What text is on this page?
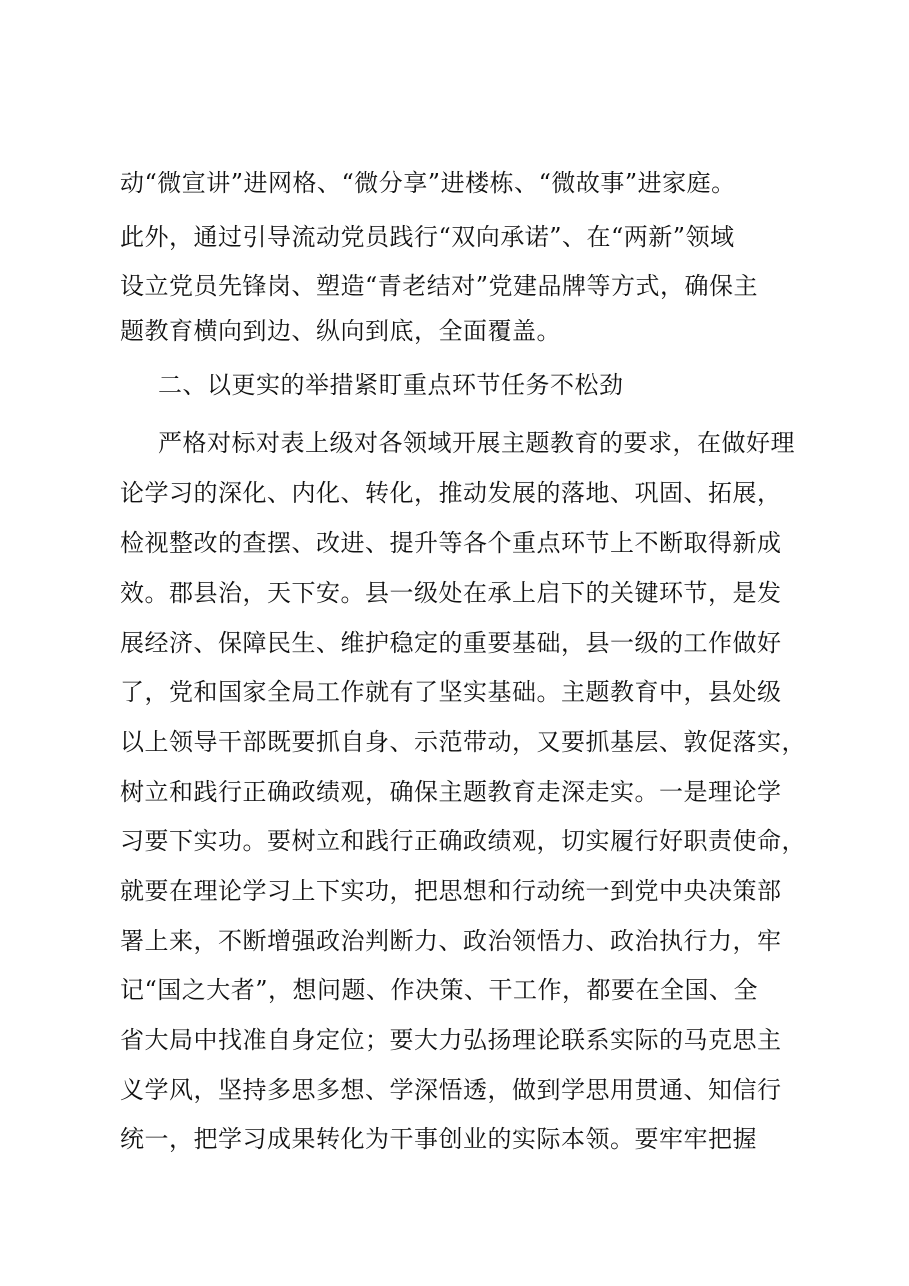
动“微宣讲”进网格、“微分享”进楼栋、“微故事”进家庭。
此外，通过引导流动党员践行“双向承诺”、在“两新”领域
设立党员先锋岗、塑造“青老结对”党建品牌等方式，确保主
题教育横向到边、纵向到底，全面覆盖。
二、以更实的举措紧盯重点环节任务不松劲
严格对标对表上级对各领域开展主题教育的要求，在做好理
论学习的深化、内化、转化，推动发展的落地、巩固、拓展，
检视整改的查摆、改进、提升等各个重点环节上不断取得新成
效。郡县治，天下安。县一级处在承上启下的关键环节，是发
展经济、保障民生、维护稳定的重要基础，县一级的工作做好
了，党和国家全局工作就有了坚实基础。主题教育中，县处级
以上领导干部既要抓自身、示范带动，又要抓基层、敦促落实，
树立和践行正确政绩观，确保主题教育走深走实。一是理论学
习要下实功。要树立和践行正确政绩观，切实履行好职责使命，
就要在理论学习上下实功，把思想和行动统一到党中央决策部
署上来，不断增强政治判断力、政治领悟力、政治执行力，牢
记“国之大者”，想问题、作决策、干工作，都要在全国、全
省大局中找准自身定位；要大力弘扬理论联系实际的马克思主
义学风，坚持多思多想、学深悟透，做到学思用贯通、知信行
统一，把学习成果转化为干事创业的实际本领。要牢牢把握
